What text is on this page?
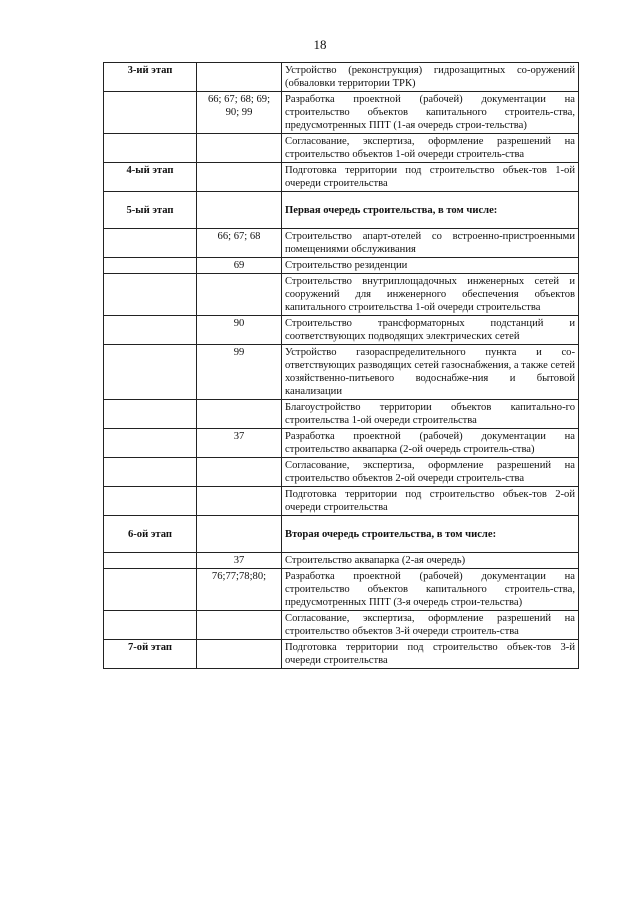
18
3-ий этап		Устройство (реконструкция) гидрозащитных со-оружений (обваловки территории ТРК)
	66; 67; 68; 69; 90; 99	Разработка проектной (рабочей) документации на строительство объектов капитального строитель-ства, предусмотренных ППТ (1-ая очередь строи-тельства)
		Согласование, экспертиза, оформление разрешений на строительство объектов 1-ой очереди строитель-ства
4-ый этап		Подготовка территории под строительство объек-тов 1-ой очереди строительства
5-ый этап		Первая очередь строительства, в том числе:
	66; 67; 68	Строительство апарт-отелей со встроенно-пристроенными помещениями обслуживания
	69	Строительство резиденции
		Строительство внутриплощадочных инженерных сетей и сооружений для инженерного обеспечения объектов капитального строительства 1-ой очереди строительства
	90	Строительство трансформаторных подстанций и соответствующих подводящих электрических сетей
	99	Устройство газораспределительного пункта и со-ответствующих разводящих сетей газоснабжения, а также сетей хозяйственно-питьевого водоснабже-ния и бытовой канализации
		Благоустройство территории объектов капитально-го строительства 1-ой очереди строительства
	37	Разработка проектной (рабочей) документации на строительство аквапарка (2-ой очередь строитель-ства)
		Согласование, экспертиза, оформление разрешений на строительство объектов 2-ой очереди строитель-ства
		Подготовка территории под строительство объек-тов 2-ой очереди строительства
6-ой этап		Вторая очередь строительства, в том числе:
	37	Строительство аквапарка (2-ая очередь)
	76;77;78;80;	Разработка проектной (рабочей) документации на строительство объектов капитального строитель-ства, предусмотренных ППТ (3-я очередь строи-тельства)
		Согласование, экспертиза, оформление разрешений на строительство объектов 3-й очереди строитель-ства
7-ой этап		Подготовка территории под строительство объек-тов 3-й очереди строительства
